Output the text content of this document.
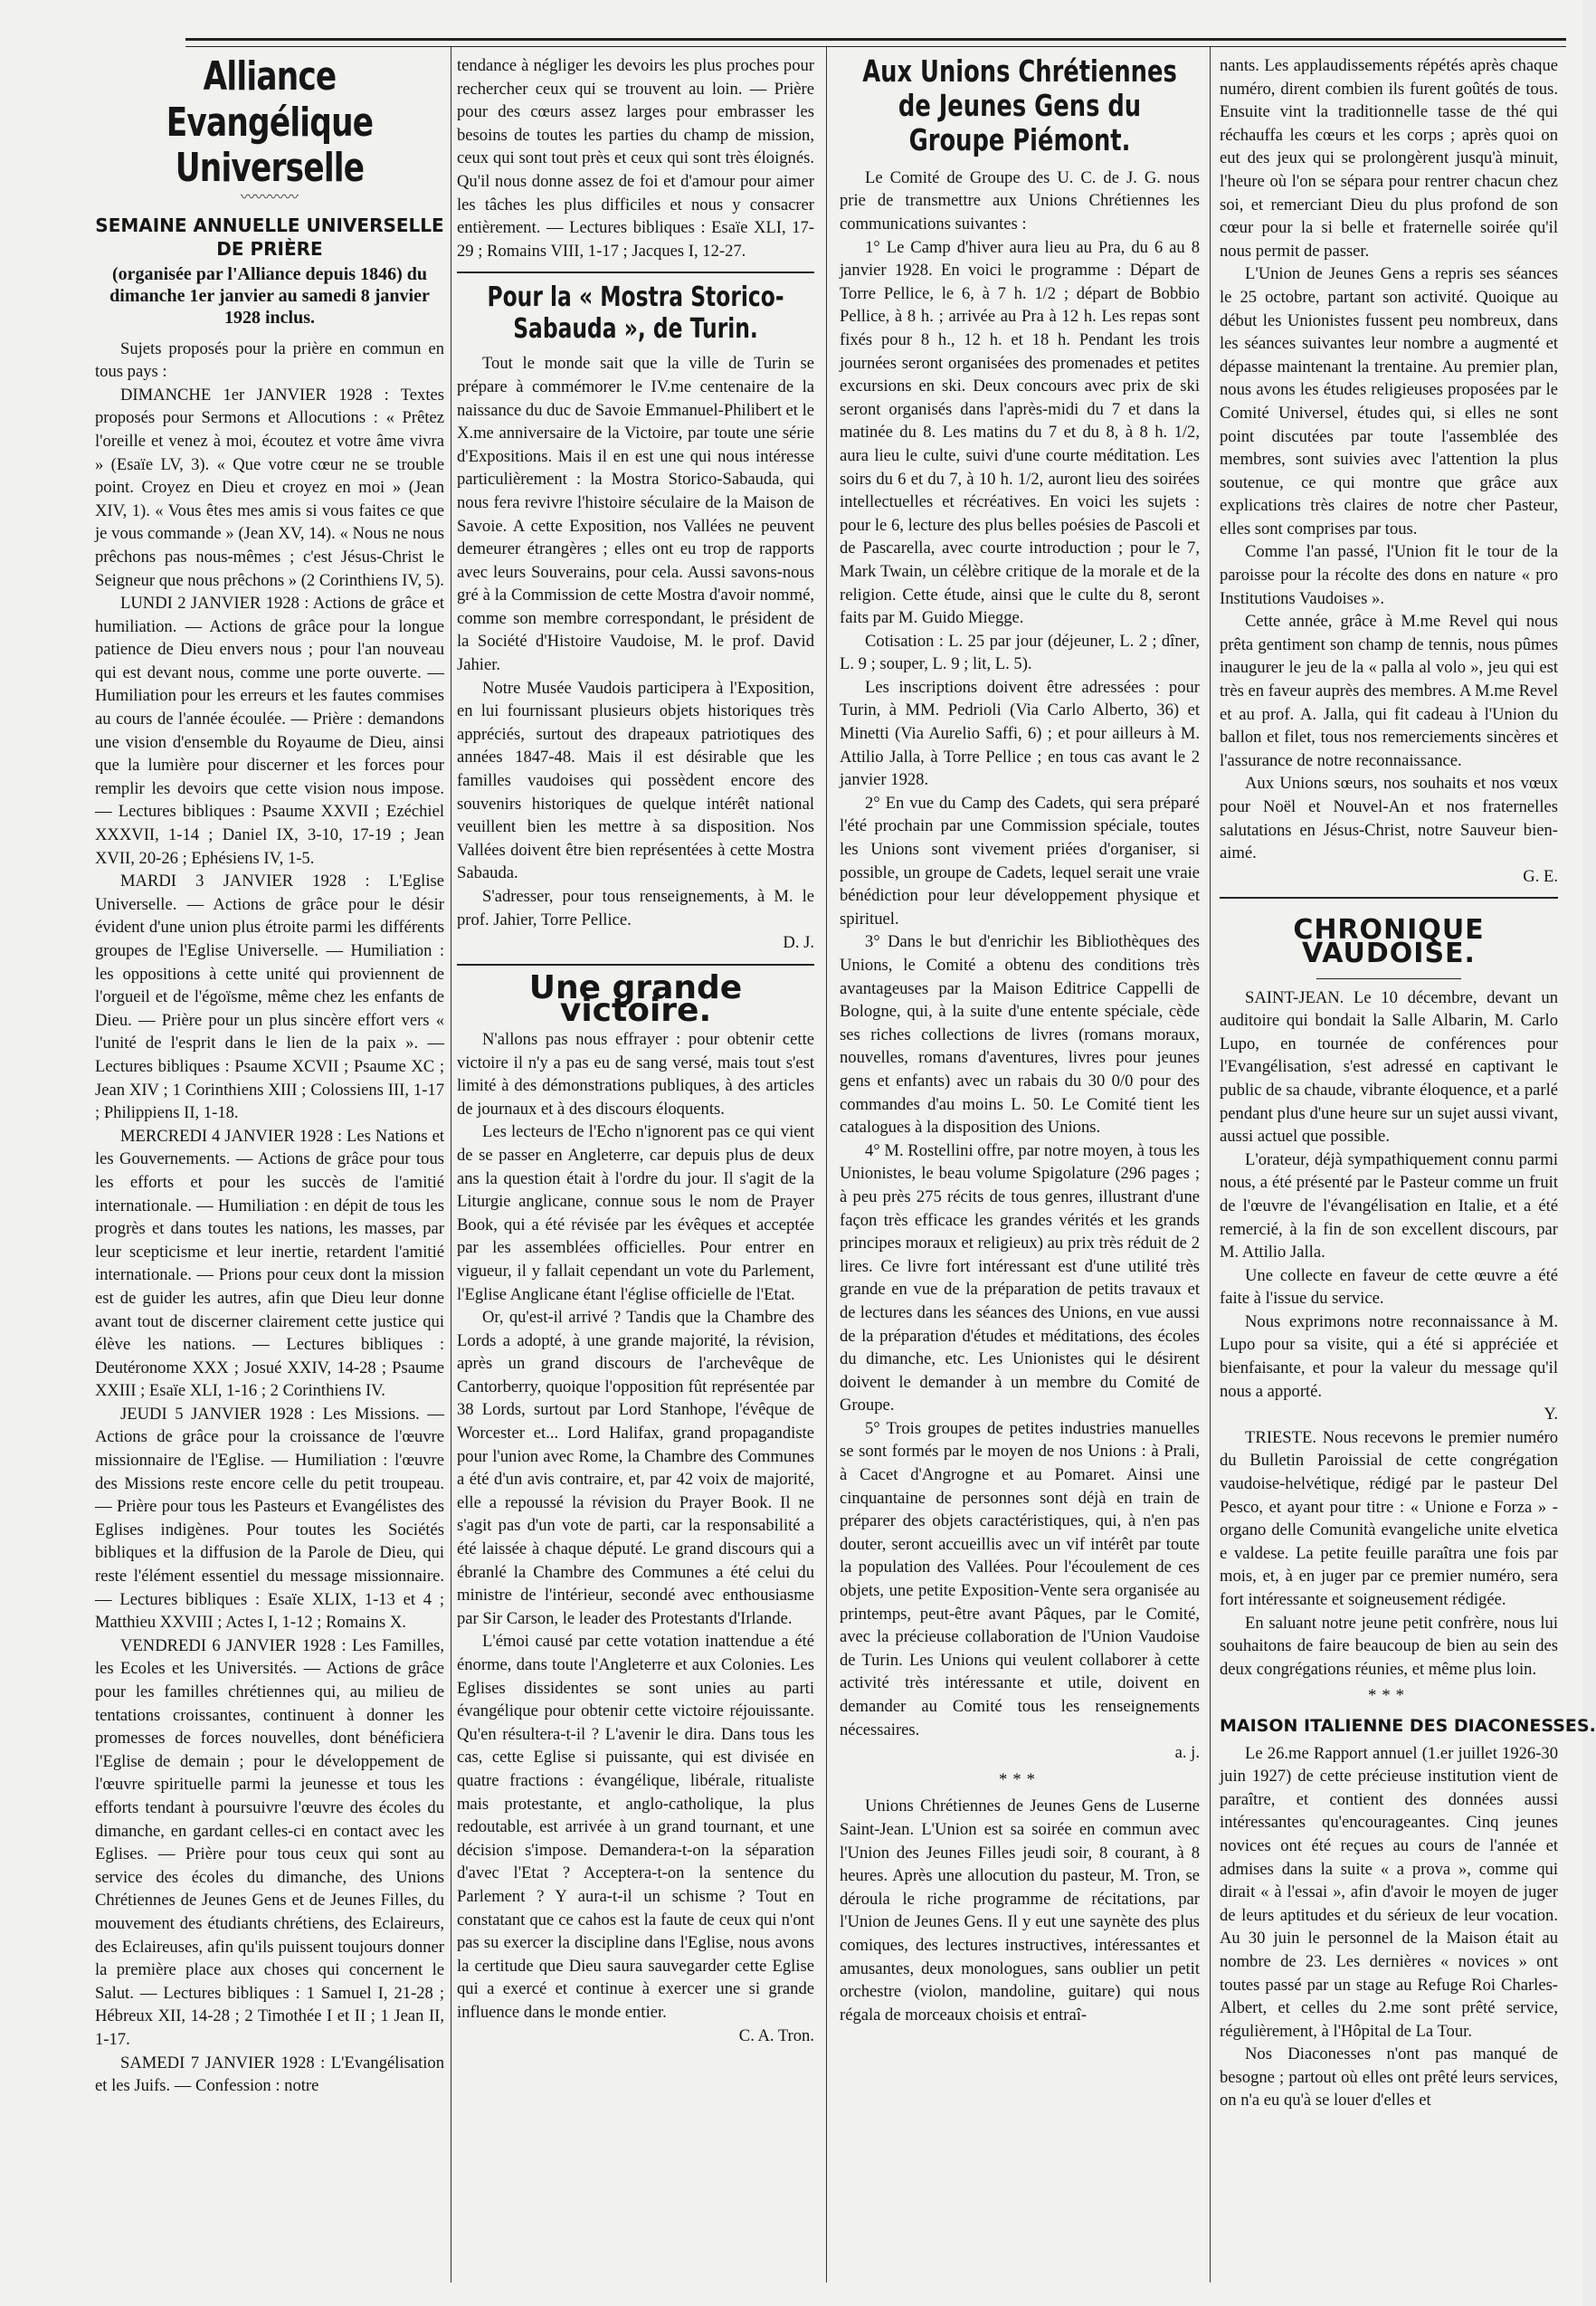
Alliance Evangélique Universelle
〰〰〰〰
SEMAINE ANNUELLE UNIVERSELLE DE PRIÈRE
(organisée par l'Alliance depuis 1846) du dimanche 1er janvier au samedi 8 janvier 1928 inclus.

Sujets proposés pour la prière en commun en tous pays :

DIMANCHE 1er JANVIER 1928 : Textes proposés pour Sermons et Allocutions : « Prêtez l'oreille et venez à moi, écoutez et votre âme vivra » (Esaïe LV, 3). « Que votre cœur ne se trouble point. Croyez en Dieu et croyez en moi » (Jean XIV, 1). « Vous êtes mes amis si vous faites ce que je vous commande » (Jean XV, 14). « Nous ne nous prêchons pas nous-mêmes ; c'est Jésus-Christ le Seigneur que nous prêchons » (2 Corinthiens IV, 5).

LUNDI 2 JANVIER 1928 : Actions de grâce et humiliation. — Actions de grâce pour la longue patience de Dieu envers nous ; pour l'an nouveau qui est devant nous, comme une porte ouverte. — Humiliation pour les erreurs et les fautes commises au cours de l'année écoulée. — Prière : demandons une vision d'ensemble du Royaume de Dieu, ainsi que la lumière pour discerner et les forces pour remplir les devoirs que cette vision nous impose. — Lectures bibliques : Psaume XXVII ; Ezéchiel XXXVII, 1-14 ; Daniel IX, 3-10, 17-19 ; Jean XVII, 20-26 ; Ephésiens IV, 1-5.

MARDI 3 JANVIER 1928 : L'Eglise Universelle. — Actions de grâce pour le désir évident d'une union plus étroite parmi les différents groupes de l'Eglise Universelle. — Humiliation : les oppositions à cette unité qui proviennent de l'orgueil et de l'égoïsme, même chez les enfants de Dieu. — Prière pour un plus sincère effort vers « l'unité de l'esprit dans le lien de la paix ». — Lectures bibliques : Psaume XCVII ; Psaume XC ; Jean XIV ; 1 Corinthiens XIII ; Colossiens III, 1-17 ; Philippiens II, 1-18.

MERCREDI 4 JANVIER 1928 : Les Nations et les Gouvernements. — Actions de grâce pour tous les efforts et pour les succès de l'amitié internationale. — Humiliation : en dépit de tous les progrès et dans toutes les nations, les masses, par leur scepticisme et leur inertie, retardent l'amitié internationale. — Prions pour ceux dont la mission est de guider les autres, afin que Dieu leur donne avant tout de discerner clairement cette justice qui élève les nations. — Lectures bibliques : Deutéronome XXX ; Josué XXIV, 14-28 ; Psaume XXIII ; Esaïe XLI, 1-16 ; 2 Corinthiens IV.

JEUDI 5 JANVIER 1928 : Les Missions. — Actions de grâce pour la croissance de l'œuvre missionnaire de l'Eglise. — Humiliation : l'œuvre des Missions reste encore celle du petit troupeau. — Prière pour tous les Pasteurs et Evangélistes des Eglises indigènes. Pour toutes les Sociétés bibliques et la diffusion de la Parole de Dieu, qui reste l'élément essentiel du message missionnaire. — Lectures bibliques : Esaïe XLIX, 1-13 et 4 ; Matthieu XXVIII ; Actes I, 1-12 ; Romains X.

VENDREDI 6 JANVIER 1928 : Les Familles, les Ecoles et les Universités. — Actions de grâce pour les familles chrétiennes qui, au milieu de tentations croissantes, continuent à donner les promesses de forces nouvelles, dont bénéficiera l'Eglise de demain ; pour le développement de l'œuvre spirituelle parmi la jeunesse et tous les efforts tendant à poursuivre l'œuvre des écoles du dimanche, en gardant celles-ci en contact avec les Eglises. — Prière pour tous ceux qui sont au service des écoles du dimanche, des Unions Chrétiennes de Jeunes Gens et de Jeunes Filles, du mouvement des étudiants chrétiens, des Eclaireurs, des Eclaireuses, afin qu'ils puissent toujours donner la première place aux choses qui concernent le Salut. — Lectures bibliques : 1 Samuel I, 21-28 ; Hébreux XII, 14-28 ; 2 Timothée I et II ; 1 Jean II, 1-17.

SAMEDI 7 JANVIER 1928 : L'Evangélisation et les Juifs. — Confession : notre

tendance à négliger les devoirs les plus proches pour rechercher ceux qui se trouvent au loin. — Prière pour des cœurs assez larges pour embrasser les besoins de toutes les parties du champ de mission, ceux qui sont tout près et ceux qui sont très éloignés. Qu'il nous donne assez de foi et d'amour pour aimer les tâches les plus difficiles et nous y consacrer entièrement. — Lectures bibliques : Esaïe XLI, 17-29 ; Romains VIII, 1-17 ; Jacques I, 12-27.

Pour la « Mostra Storico-Sabauda », de Turin.

Tout le monde sait que la ville de Turin se prépare à commémorer le IV.me centenaire de la naissance du duc de Savoie Emmanuel-Philibert et le X.me anniversaire de la Victoire, par toute une série d'Expositions. Mais il en est une qui nous intéresse particulièrement : la Mostra Storico-Sabauda, qui nous fera revivre l'histoire séculaire de la Maison de Savoie. A cette Exposition, nos Vallées ne peuvent demeurer étrangères ; elles ont eu trop de rapports avec leurs Souverains, pour cela. Aussi savons-nous gré à la Commission de cette Mostra d'avoir nommé, comme son membre correspondant, le président de la Société d'Histoire Vaudoise, M. le prof. David Jahier.

Notre Musée Vaudois participera à l'Exposition, en lui fournissant plusieurs objets historiques très appréciés, surtout des drapeaux patriotiques des années 1847-48. Mais il est désirable que les familles vaudoises qui possèdent encore des souvenirs historiques de quelque intérêt national veuillent bien les mettre à sa disposition. Nos Vallées doivent être bien représentées à cette Mostra Sabauda.

S'adresser, pour tous renseignements, à M. le prof. Jahier, Torre Pellice.

D. J.
Une grande victoire.

N'allons pas nous effrayer : pour obtenir cette victoire il n'y a pas eu de sang versé, mais tout s'est limité à des démonstrations publiques, à des articles de journaux et à des discours éloquents.

Les lecteurs de l'Echo n'ignorent pas ce qui vient de se passer en Angleterre, car depuis plus de deux ans la question était à l'ordre du jour. Il s'agit de la Liturgie anglicane, connue sous le nom de Prayer Book, qui a été révisée par les évêques et acceptée par les assemblées officielles. Pour entrer en vigueur, il y fallait cependant un vote du Parlement, l'Eglise Anglicane étant l'église officielle de l'Etat.

Or, qu'est-il arrivé ? Tandis que la Chambre des Lords a adopté, à une grande majorité, la révision, après un grand discours de l'archevêque de Cantorberry, quoique l'opposition fût représentée par 38 Lords, surtout par Lord Stanhope, l'évêque de Worcester et... Lord Halifax, grand propagandiste pour l'union avec Rome, la Chambre des Communes a été d'un avis contraire, et, par 42 voix de majorité, elle a repoussé la révision du Prayer Book. Il ne s'agit pas d'un vote de parti, car la responsabilité a été laissée à chaque député. Le grand discours qui a ébranlé la Chambre des Communes a été celui du ministre de l'intérieur, secondé avec enthousiasme par Sir Carson, le leader des Protestants d'Irlande.

L'émoi causé par cette votation inattendue a été énorme, dans toute l'Angleterre et aux Colonies. Les Eglises dissidentes se sont unies au parti évangélique pour obtenir cette victoire réjouissante. Qu'en résultera-t-il ? L'avenir le dira. Dans tous les cas, cette Eglise si puissante, qui est divisée en quatre fractions : évangélique, libérale, ritualiste mais protestante, et anglo-catholique, la plus redoutable, est arrivée à un grand tournant, et une décision s'impose. Demandera-t-on la séparation d'avec l'Etat ? Acceptera-t-on la sentence du Parlement ? Y aura-t-il un schisme ? Tout en constatant que ce cahos est la faute de ceux qui n'ont pas su exercer la discipline dans l'Eglise, nous avons la certitude que Dieu saura sauvegarder cette Eglise qui a exercé et continue à exercer une si grande influence dans le monde entier.

C. A. Tron.
Aux Unions Chrétiennes de Jeunes Gens du Groupe Piémont.

Le Comité de Groupe des U. C. de J. G. nous prie de transmettre aux Unions Chrétiennes les communications suivantes :

1° Le Camp d'hiver aura lieu au Pra, du 6 au 8 janvier 1928. En voici le programme : Départ de Torre Pellice, le 6, à 7 h. 1/2 ; départ de Bobbio Pellice, à 8 h. ; arrivée au Pra à 12 h. Les repas sont fixés pour 8 h., 12 h. et 18 h. Pendant les trois journées seront organisées des promenades et petites excursions en ski. Deux concours avec prix de ski seront organisés dans l'après-midi du 7 et dans la matinée du 8. Les matins du 7 et du 8, à 8 h. 1/2, aura lieu le culte, suivi d'une courte méditation. Les soirs du 6 et du 7, à 10 h. 1/2, auront lieu des soirées intellectuelles et récréatives. En voici les sujets : pour le 6, lecture des plus belles poésies de Pascoli et de Pascarella, avec courte introduction ; pour le 7, Mark Twain, un célèbre critique de la morale et de la religion. Cette étude, ainsi que le culte du 8, seront faits par M. Guido Miegge.

Cotisation : L. 25 par jour (déjeuner, L. 2 ; dîner, L. 9 ; souper, L. 9 ; lit, L. 5).

Les inscriptions doivent être adressées : pour Turin, à MM. Pedrioli (Via Carlo Alberto, 36) et Minetti (Via Aurelio Saffi, 6) ; et pour ailleurs à M. Attilio Jalla, à Torre Pellice ; en tous cas avant le 2 janvier 1928.

2° En vue du Camp des Cadets, qui sera préparé l'été prochain par une Commission spéciale, toutes les Unions sont vivement priées d'organiser, si possible, un groupe de Cadets, lequel serait une vraie bénédiction pour leur développement physique et spirituel.

3° Dans le but d'enrichir les Bibliothèques des Unions, le Comité a obtenu des conditions très avantageuses par la Maison Editrice Cappelli de Bologne, qui, à la suite d'une entente spéciale, cède ses riches collections de livres (romans moraux, nouvelles, romans d'aventures, livres pour jeunes gens et enfants) avec un rabais du 30 0/0 pour des commandes d'au moins L. 50. Le Comité tient les catalogues à la disposition des Unions.

4° M. Rostellini offre, par notre moyen, à tous les Unionistes, le beau volume Spigolature (296 pages ; à peu près 275 récits de tous genres, illustrant d'une façon très efficace les grandes vérités et les grands principes moraux et religieux) au prix très réduit de 2 lires. Ce livre fort intéressant est d'une utilité très grande en vue de la préparation de petits travaux et de lectures dans les séances des Unions, en vue aussi de la préparation d'études et méditations, des écoles du dimanche, etc. Les Unionistes qui le désirent doivent le demander à un membre du Comité de Groupe.

5° Trois groupes de petites industries manuelles se sont formés par le moyen de nos Unions : à Prali, à Cacet d'Angrogne et au Pomaret. Ainsi une cinquantaine de personnes sont déjà en train de préparer des objets caractéristiques, qui, à n'en pas douter, seront accueillis avec un vif intérêt par toute la population des Vallées. Pour l'écoulement de ces objets, une petite Exposition-Vente sera organisée au printemps, peut-être avant Pâques, par le Comité, avec la précieuse collaboration de l'Union Vaudoise de Turin. Les Unions qui veulent collaborer à cette activité très intéressante et utile, doivent en demander au Comité tous les renseignements nécessaires.

a. j.
***

Unions Chrétiennes de Jeunes Gens de Luserne Saint-Jean. L'Union est sa soirée en commun avec l'Union des Jeunes Filles jeudi soir, 8 courant, à 8 heures. Après une allocution du pasteur, M. Tron, se déroula le riche programme de récitations, par l'Union de Jeunes Gens. Il y eut une saynète des plus comiques, des lectures instructives, intéressantes et amusantes, deux monologues, sans oublier un petit orchestre (violon, mandoline, guitare) qui nous régala de morceaux choisis et entraî-

nants. Les applaudissements répétés après chaque numéro, dirent combien ils furent goûtés de tous. Ensuite vint la traditionnelle tasse de thé qui réchauffa les cœurs et les corps ; après quoi on eut des jeux qui se prolongèrent jusqu'à minuit, l'heure où l'on se sépara pour rentrer chacun chez soi, et remerciant Dieu du plus profond de son cœur pour la si belle et fraternelle soirée qu'il nous permit de passer.

L'Union de Jeunes Gens a repris ses séances le 25 octobre, partant son activité. Quoique au début les Unionistes fussent peu nombreux, dans les séances suivantes leur nombre a augmenté et dépasse maintenant la trentaine. Au premier plan, nous avons les études religieuses proposées par le Comité Universel, études qui, si elles ne sont point discutées par toute l'assemblée des membres, sont suivies avec l'attention la plus soutenue, ce qui montre que grâce aux explications très claires de notre cher Pasteur, elles sont comprises par tous.

Comme l'an passé, l'Union fit le tour de la paroisse pour la récolte des dons en nature « pro Institutions Vaudoises ».

Cette année, grâce à M.me Revel qui nous prêta gentiment son champ de tennis, nous pûmes inaugurer le jeu de la « palla al volo », jeu qui est très en faveur auprès des membres. A M.me Revel et au prof. A. Jalla, qui fit cadeau à l'Union du ballon et filet, tous nos remerciements sincères et l'assurance de notre reconnaissance.

Aux Unions sœurs, nos souhaits et nos vœux pour Noël et Nouvel-An et nos fraternelles salutations en Jésus-Christ, notre Sauveur bien-aimé.

G. E.
CHRONIQUE VAUDOISE.

SAINT-JEAN. Le 10 décembre, devant un auditoire qui bondait la Salle Albarin, M. Carlo Lupo, en tournée de conférences pour l'Evangélisation, s'est adressé en captivant le public de sa chaude, vibrante éloquence, et a parlé pendant plus d'une heure sur un sujet aussi vivant, aussi actuel que possible.

L'orateur, déjà sympathiquement connu parmi nous, a été présenté par le Pasteur comme un fruit de l'œuvre de l'évangélisation en Italie, et a été remercié, à la fin de son excellent discours, par M. Attilio Jalla.

Une collecte en faveur de cette œuvre a été faite à l'issue du service.

Nous exprimons notre reconnaissance à M. Lupo pour sa visite, qui a été si appréciée et bienfaisante, et pour la valeur du message qu'il nous a apporté.

Y.

TRIESTE. Nous recevons le premier numéro du Bulletin Paroissial de cette congrégation vaudoise-helvétique, rédigé par le pasteur Del Pesco, et ayant pour titre : « Unione e Forza » - organo delle Comunità evangeliche unite elvetica e valdese. La petite feuille paraîtra une fois par mois, et, à en juger par ce premier numéro, sera fort intéressante et soigneusement rédigée.

En saluant notre jeune petit confrère, nous lui souhaitons de faire beaucoup de bien au sein des deux congrégations réunies, et même plus loin.

***
MAISON ITALIENNE DES DIACONESSES.

Le 26.me Rapport annuel (1.er juillet 1926-30 juin 1927) de cette précieuse institution vient de paraître, et contient des données aussi intéressantes qu'encourageantes. Cinq jeunes novices ont été reçues au cours de l'année et admises dans la suite « a prova », comme qui dirait « à l'essai », afin d'avoir le moyen de juger de leurs aptitudes et du sérieux de leur vocation. Au 30 juin le personnel de la Maison était au nombre de 23. Les dernières « novices » ont toutes passé par un stage au Refuge Roi Charles-Albert, et celles du 2.me sont prêté service, régulièrement, à l'Hôpital de La Tour.

Nos Diaconesses n'ont pas manqué de besogne ; partout où elles ont prêté leurs services, on n'a eu qu'à se louer d'elles et
